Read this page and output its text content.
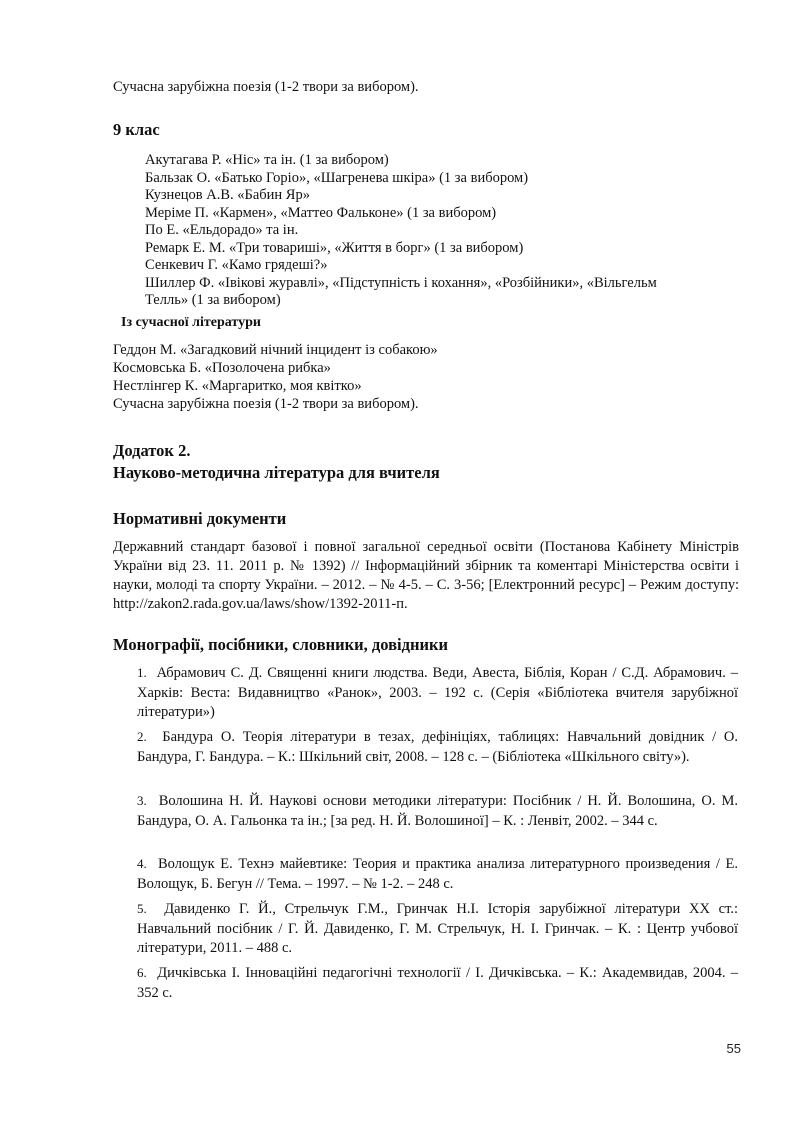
Сучасна зарубіжна поезія (1-2 твори за вибором).
9 клас
Акутагава Р. «Ніс» та ін. (1 за вибором)
Бальзак О. «Батько Горіо», «Шагренева шкіра» (1 за вибором)
Кузнецов А.В. «Бабин Яр»
Меріме П. «Кармен», «Маттео Фальконе» (1 за вибором)
По Е. «Ельдорадо» та ін.
Ремарк Е. М. «Три товариші», «Життя в борг» (1 за вибором)
Сенкевич Г. «Камо грядеші?»
Шиллер Ф. «Івікові журавлі», «Підступність і кохання», «Розбійники», «Вільгельм
Телль» (1 за вибором)
Із сучасної літератури
Геддон М. «Загадковий нічний інцидент із собакою»
Космовська Б. «Позолочена рибка»
Нестлінгер К. «Маргаритко, моя квітко»
Сучасна зарубіжна поезія (1-2 твори за вибором).
Додаток 2.
Науково-методична література для вчителя
Нормативні документи
Державний стандарт базової і повної загальної середньої освіти (Постанова Кабінету Міністрів України від 23. 11. 2011 р. № 1392) // Інформаційний збірник та коментарі Міністерства освіти і науки, молоді та спорту України. – 2012. – № 4-5. – С. 3-56; [Електронний ресурс] – Режим доступу: http://zakon2.rada.gov.ua/laws/show/1392-2011-п.
Монографії, посібники, словники, довідники
1. Абрамович С. Д. Священні книги людства. Веди, Авеста, Біблія, Коран / С.Д. Абрамович. – Харків: Веста: Видавництво «Ранок», 2003. – 192 с. (Серія «Бібліотека вчителя зарубіжної літератури»)
2. Бандура О. Теорія літератури в тезах, дефініціях, таблицях: Навчальний довідник / О. Бандура, Г. Бандура. – К.: Шкільний світ, 2008. – 128 с. – (Бібліотека «Шкільного світу»).
3. Волошина Н. Й. Наукові основи методики літератури: Посібник / Н. Й. Волошина, О. М. Бандура, О. А. Гальонка та ін.; [за ред. Н. Й. Волошиної] – К. : Ленвіт, 2002. – 344 с.
4. Волощук Е. Технэ майевтике: Теория и практика анализа литературного произведения / Е. Волощук, Б. Бегун // Тема. – 1997. – № 1-2. – 248 с.
5. Давиденко Г. Й., Стрельчук Г.М., Гринчак Н.І. Історія зарубіжної літератури ХХ ст.: Навчальний посібник / Г. Й. Давиденко, Г. М. Стрельчук, Н. І. Гринчак. – К. : Центр учбової літератури, 2011. – 488 с.
6. Дичківська І. Інноваційні педагогічні технології / І. Дичківська. – К.: Академвидав, 2004. – 352 с.
55
